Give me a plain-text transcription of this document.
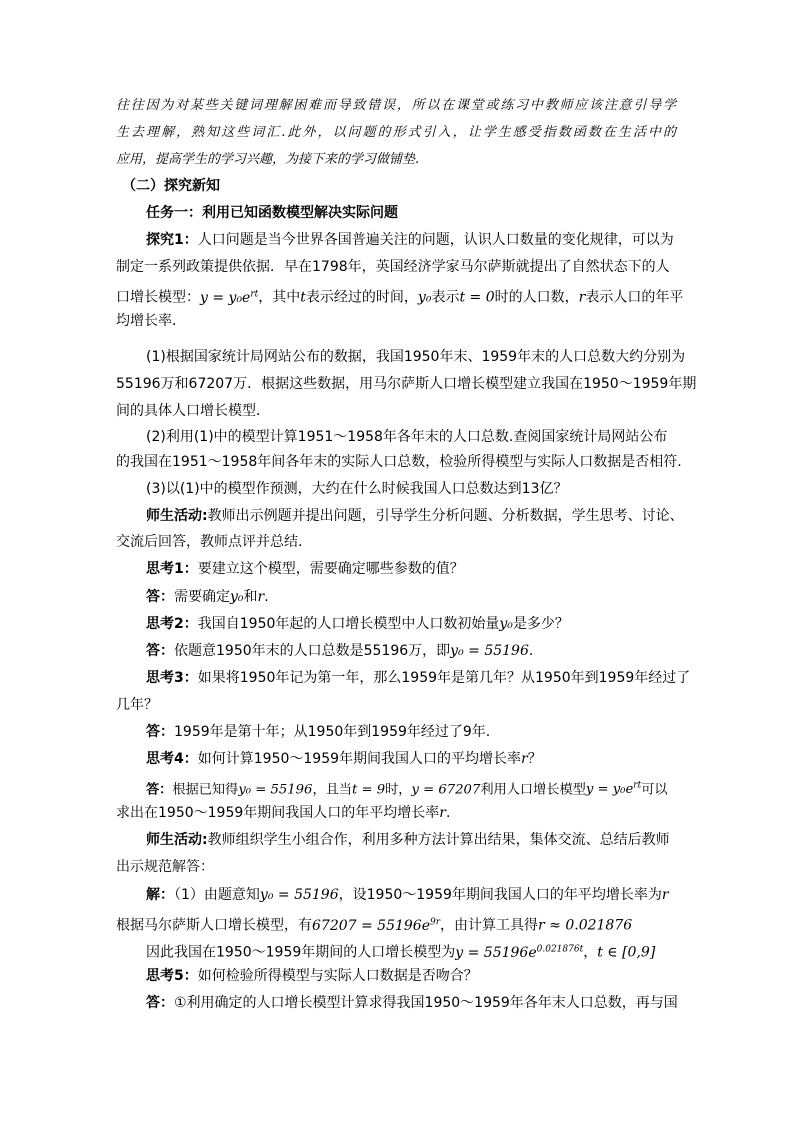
往往因为对某些关键词理解困难而导致错误，所以在课堂或练习中教师应该注意引导学
生去理解，熟知这些词汇.此外，以问题的形式引入，让学生感受指数函数在生活中的
应用，提高学生的学习兴趣，为接下来的学习做铺垫.
（二）探究新知
任务一：利用已知函数模型解决实际问题
探究1：人口问题是当今世界各国普遍关注的问题，认识人口数量的变化规律，可以为
制定一系列政策提供依据．早在1798年，英国经济学家马尔萨斯就提出了自然状态下的人
口增长模型：$y = y_0e^{rt}$，其中t表示经过的时间，y₀表示t = 0时的人口数，r表示人口的年平
均增长率．
(1)根据国家统计局网站公布的数据，我国1950年末、1959年末的人口总数大约分别为
55196万和67207万．根据这些数据，用马尔萨斯人口增长模型建立我国在1950～1959年期
间的具体人口增长模型．
(2)利用(1)中的模型计算1951～1958年各年末的人口总数.查阅国家统计局网站公布
的我国在1951～1958年间各年末的实际人口总数，检验所得模型与实际人口数据是否相符.
(3)以(1)中的模型作预测，大约在什么时候我国人口总数达到13亿？
师生活动:教师出示例题并提出问题，引导学生分析问题、分析数据，学生思考、讨论、
交流后回答，教师点评并总结.
思考1：要建立这个模型，需要确定哪些参数的值？
答：需要确定y₀和r.
思考2：我国自1950年起的人口增长模型中人口数初始量y₀是多少？
答：依题意1950年末的人口总数是55196万，即y₀ = 55196.
思考3：如果将1950年记为第一年，那么1959年是第几年？从1950年到1959年经过了
几年？
答：1959年是第十年；从1950年到1959年经过了9年.
思考4：如何计算1950～1959年期间我国人口的平均增长率r？
答：根据已知得y₀ = 55196，且当t = 9时，y = 67207利用人口增长模型$y = y_0e^{rt}$可以
求出在1950～1959年期间我国人口的年平均增长率r.
师生活动:教师组织学生小组合作，利用多种方法计算出结果，集体交流、总结后教师
出示规范解答：
解：（1）由题意知y₀ = 55196，设1950～1959年期间我国人口的年平均增长率为r
根据马尔萨斯人口增长模型，有$67207 = 55196e^{9r}$，由计算工具得r ≈ 0.021876
因此我国在1950～1959年期间的人口增长模型为$y = 55196e^{0.021876t}$，t ∈ [0,9]
思考5：如何检验所得模型与实际人口数据是否吻合？
答：①利用确定的人口增长模型计算求得我国1950～1959年各年末人口总数，再与国
